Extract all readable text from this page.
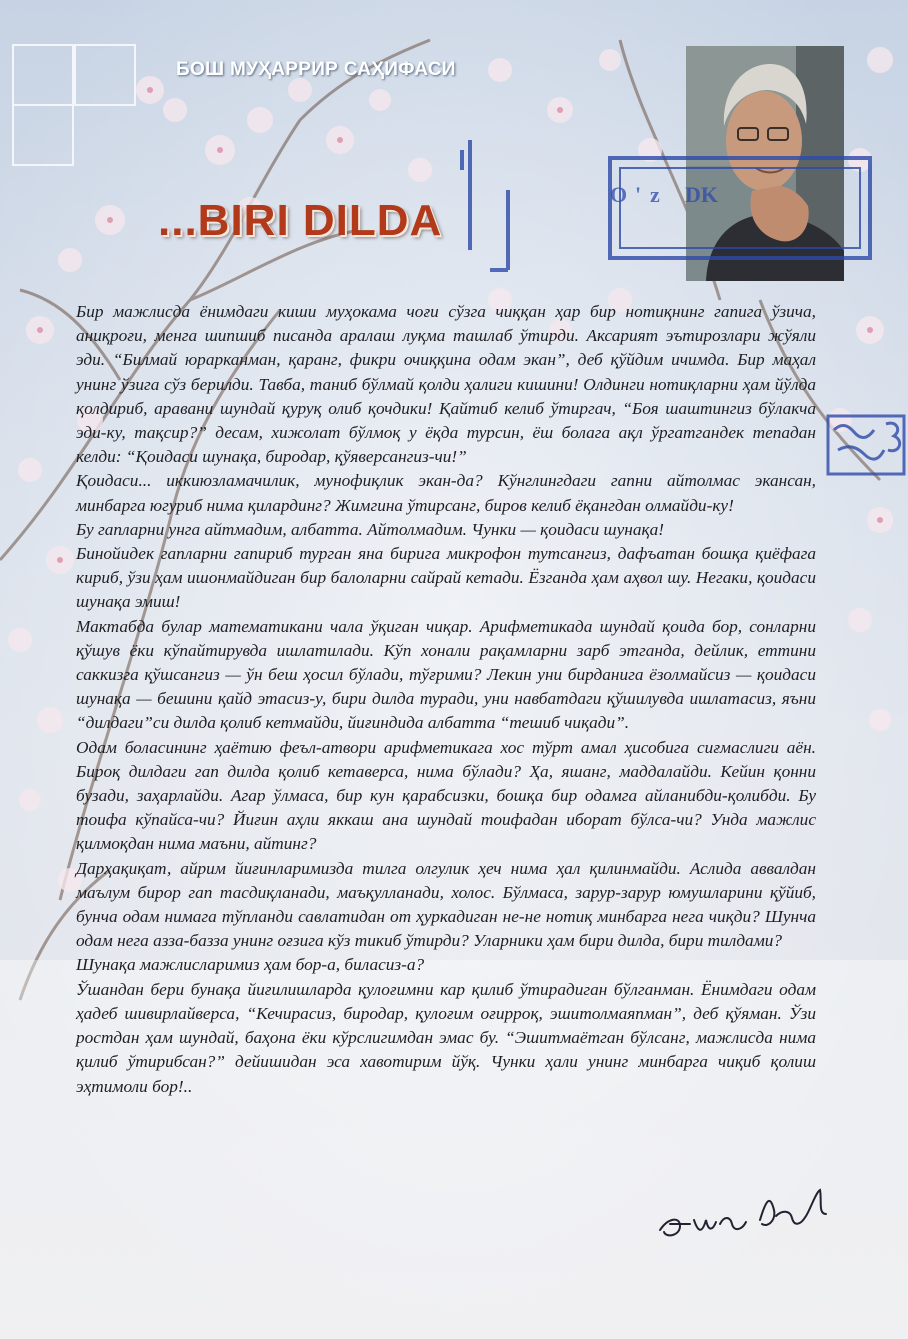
БОШ МУҲАРРИР САҲИФАСИ
...BIRI DILDA
O ' z DK

Бир мажлисда ёнимдаги киши муҳокама чоғи сўзга чиққан ҳар бир нотиқнинг гапига ўзича, аниқроғи, менга шипшиб писанда аралаш луқма ташлаб ўтирди. Аксарият эътирозлари жўяли эди. “Билмай юрарканман, қаранг, фикри очиққина одам экан”, деб қўйдим ичимда. Бир маҳал унинг ўзига сўз берилди. Тавба, таниб бўлмай қолди ҳалиги кишини! Олдинги нотиқларни ҳам йўлда қолдириб, аравани шундай қуруқ олиб қочдики! Қайтиб келиб ўтиргач, “Боя шаштингиз бўлакча эди-ку, тақсир?” десам, хижолат бўлмоқ у ёқда турсин, ёш болага ақл ўргатгандек тепадан келди: “Қоидаси шунақа, биродар, қўяверсангиз-чи!”

Қоидаси... иккиюзламачилик, мунофиқлик экан-да? Кўнглингдаги гапни айтолмас экансан, минбарга югуриб нима қилардинг? Жимгина ўтирсанг, биров келиб ёқангдан олмайди-ку!

Бу гапларни унга айтмадим, албатта. Айтолмадим. Чунки — қоидаси шунақа!

Бинойидек гапларни гапириб турган яна бирига микрофон тутсангиз, дафъатан бошқа қиёфага кириб, ўзи ҳам ишонмайдиган бир балоларни сайрай кетади. Ёзганда ҳам аҳвол шу. Негаки, қоидаси шунақа эмиш!

Мактабда булар математикани чала ўқиган чиқар. Арифметикада шундай қоида бор, сонларни қўшув ёки кўпайтирувда ишлатилади. Кўп хонали рақамларни зарб этганда, дейлик, еттини саккизга қўшсангиз — ўн беш ҳосил бўлади, тўғрими? Лекин уни бирданига ёзолмайсиз — қоидаси шунақа — бешини қайд этасиз-у, бири дилда туради, уни навбатдаги қўшилувда ишлатасиз, яъни “дилдаги”си дилда қолиб кетмайди, йиғиндида албатта “тешиб чиқади”.

Одам боласининг ҳаётию феъл-атвори арифметикага хос тўрт амал ҳисобига сиғмаслиги аён. Бироқ дилдаги гап дилда қолиб кетаверса, нима бўлади? Ҳа, яшанг, маддалайди. Кейин қонни бузади, заҳарлайди. Агар ўлмаса, бир кун қарабсизки, бошқа бир одамга айланибди-қолибди. Бу тоифа кўпайса-чи? Йиғин аҳли яккаш ана шундай тоифадан иборат бўлса-чи? Унда мажлис қилмоқдан нима маъни, айтинг?

Дарҳақиқат, айрим йиғинларимизда тилга олгулик ҳеч нима ҳал қилинмайди. Аслида аввалдан маълум бирор гап тасдиқланади, маъқулланади, холос. Бўлмаса, зарур-зарур юмушларини қўйиб, бунча одам нимага тўпланди савлатидан от ҳуркадиган не-не нотиқ минбарга нега чиқди? Шунча одам нега азза-базза унинг оғзига кўз тикиб ўтирди? Уларники ҳам бири дилда, бири тилдами?

Шунақа мажлисларимиз ҳам бор-а, биласиз-а?

Ўшандан бери бунақа йиғилишларда қулоғимни кар қилиб ўтирадиган бўлганман. Ёнимдаги одам ҳадеб шивирлайверса, “Кечирасиз, биродар, қулоғим оғирроқ, эшитолмаяпман”, деб қўяман. Ўзи ростдан ҳам шундай, баҳона ёки кўрслигимдан эмас бу. “Эшитмаётган бўлсанг, мажлисда нима қилиб ўтирибсан?” дейишидан эса хавотирим йўқ. Чунки ҳали унинг минбарга чиқиб қолиш эҳтимоли бор!..
